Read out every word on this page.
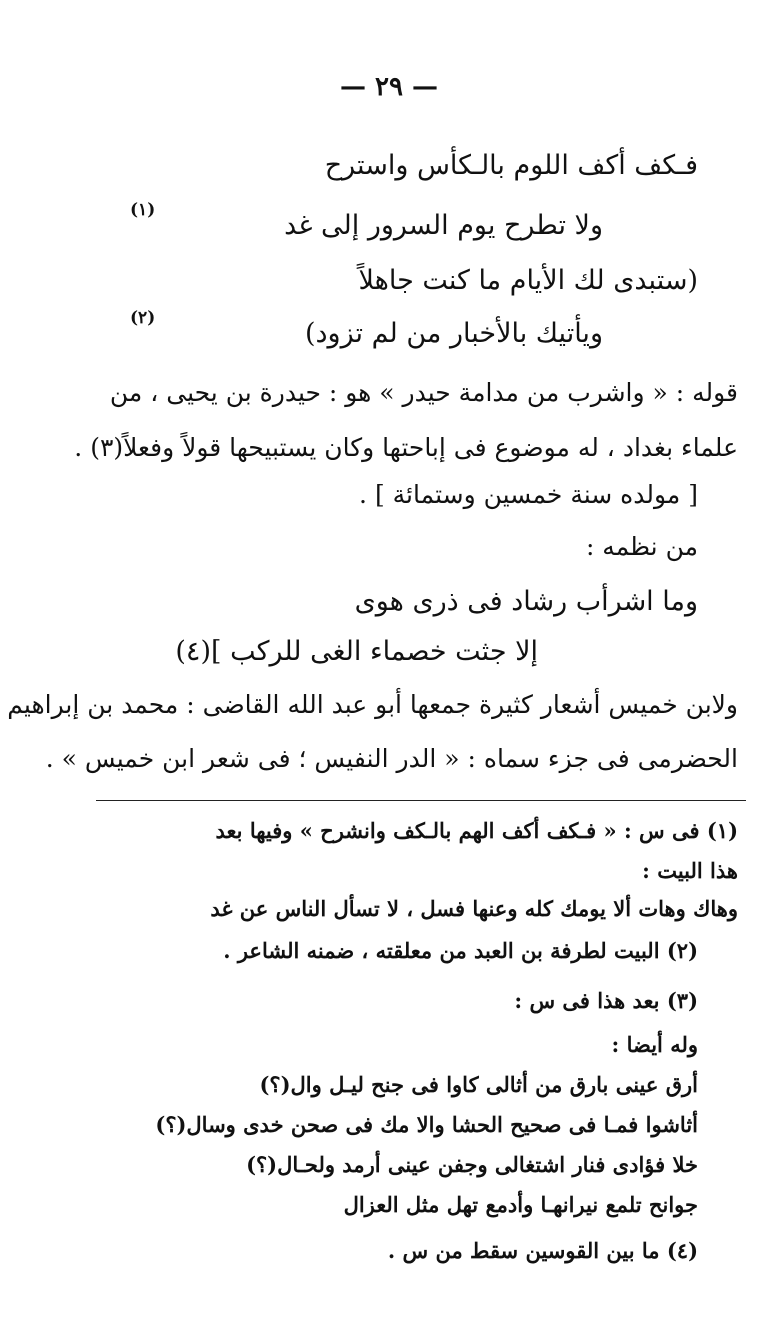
— ٢٩ —
فـكف أكف اللوم بالـكأس واسترح
ولا تطرح يوم السرور إلى غد
(١)
(ستبدى لك الأيام ما كنت جاهلاً
ويأتيك بالأخبار من لم تزود)
(٢)
قوله : « واشرب من مدامة حيدر » هو : حيدرة بن يحيى ، من
علماء بغداد ، له موضوع فى إباحتها وكان يستبيحها قولاً وفعلاً(٣) .
[ مولده سنة خمسين وستمائة ] .
من نظمه :
وما اشرأب رشاد فى ذرى هوى
إلا جثت خصماء الغى للركب ](٤)
ولابن خميس أشعار كثيرة جمعها أبو عبد الله القاضى : محمد بن إبراهيم
الحضرمى فى جزء سماه : « الدر النفيس ؛ فى شعر ابن خميس » .
(١) فى س : « فـكف أكف الهم بالـكف وانشرح » وفيها بعد
هذا البيت :
وهاك وهات ألا يومك كله وعنها فسل ، لا تسأل الناس عن غد
(٢) البيت لطرفة بن العبد من معلقته ، ضمنه الشاعر .
(٣) بعد هذا فى س :
وله أيضا :
أرق عينى بارق من أثالى كاوا فى جنح ليـل وال(؟)
أثاشوا فمـا فى صحيح الحشا والا مك فى صحن خدى وسال(؟)
خلا فؤادى فنار اشتغالى وجفن عينى أرمد ولحـال(؟)
جوانح تلمع نيرانهـا وأدمع تهل مثل العزال
(٤) ما بين القوسين سقط من س .
